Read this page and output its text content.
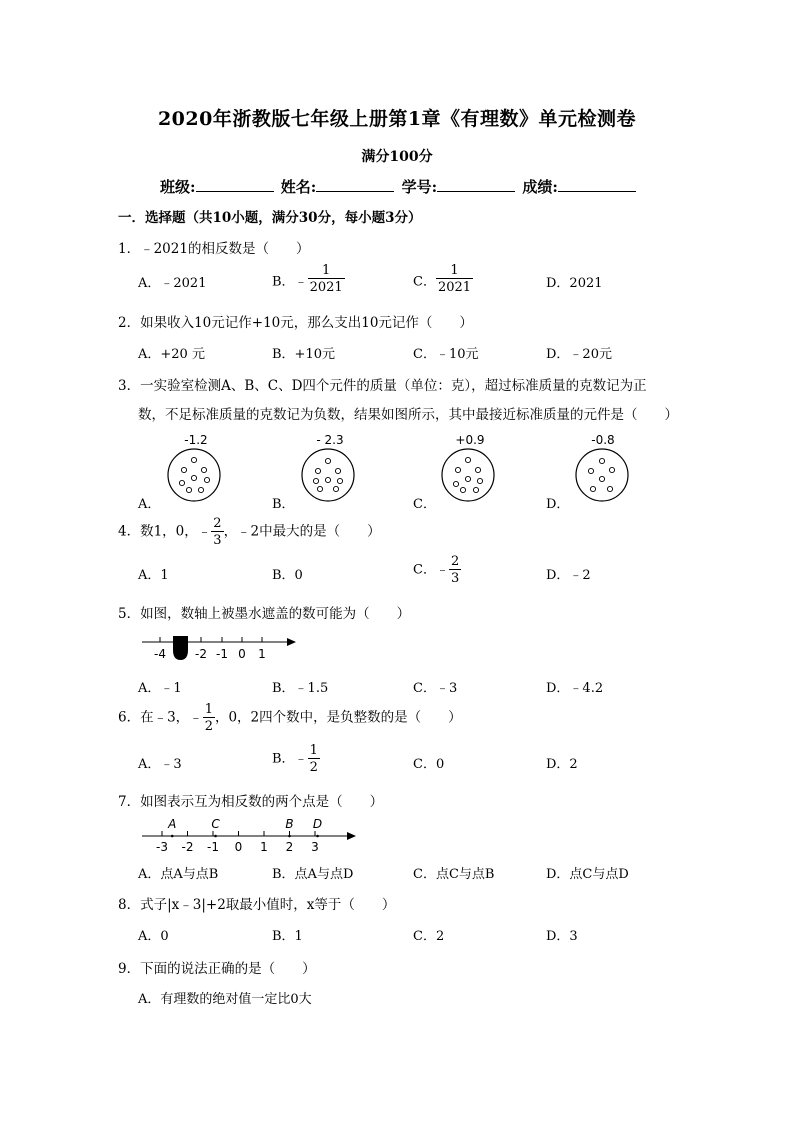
2020年浙教版七年级上册第1章《有理数》单元检测卷
满分100分
班级:	姓名:	学号:	成绩:
一．选择题（共10小题，满分30分，每小题3分）
1．﹣2021的相反数是（　　）
A．﹣2021	B．﹣ $\frac{1}{2021}$	C． $\frac{1}{2021}$	D．2021
2．如果收入10元记作+10元，那么支出10元记作（　　）
A．+20 元	B．+10元	C．﹣10元	D．﹣20元
3．一实验室检测A、B、C、D四个元件的质量（单位：克），超过标准质量的克数记为正
数，不足标准质量的克数记为负数，结果如图所示，其中最接近标准质量的元件是（　　）
-1.2	- 2.3	+0.9	-0.8
A．	B．	C．	D．
4．数1，0，﹣ $\frac{2}{3}$ ，﹣2中最大的是（　　）
A．1	B．0	C．﹣ $\frac{2}{3}$	D．﹣2
5．如图，数轴上被墨水遮盖的数可能为（　　）
-4 -2 -1 0 1
A．﹣1	B．﹣1.5	C．﹣3	D．﹣4.2
6．在﹣3，﹣ $\frac{1}{2}$ ，0，2四个数中，是负整数的是（　　）
A．﹣3	B．﹣ $\frac{1}{2}$	C．0	D．2
7．如图表示互为相反数的两个点是（　　）
-3 -2 -1 0 1 2 3
A	C	B D
A．点A与点B	B．点A与点D	C．点C与点B	D．点C与点D
8．式子|x﹣3|+2取最小值时，x等于（　　）
A．0	B．1	C．2	D．3
9．下面的说法正确的是（　　）
A．有理数的绝对值一定比0大
